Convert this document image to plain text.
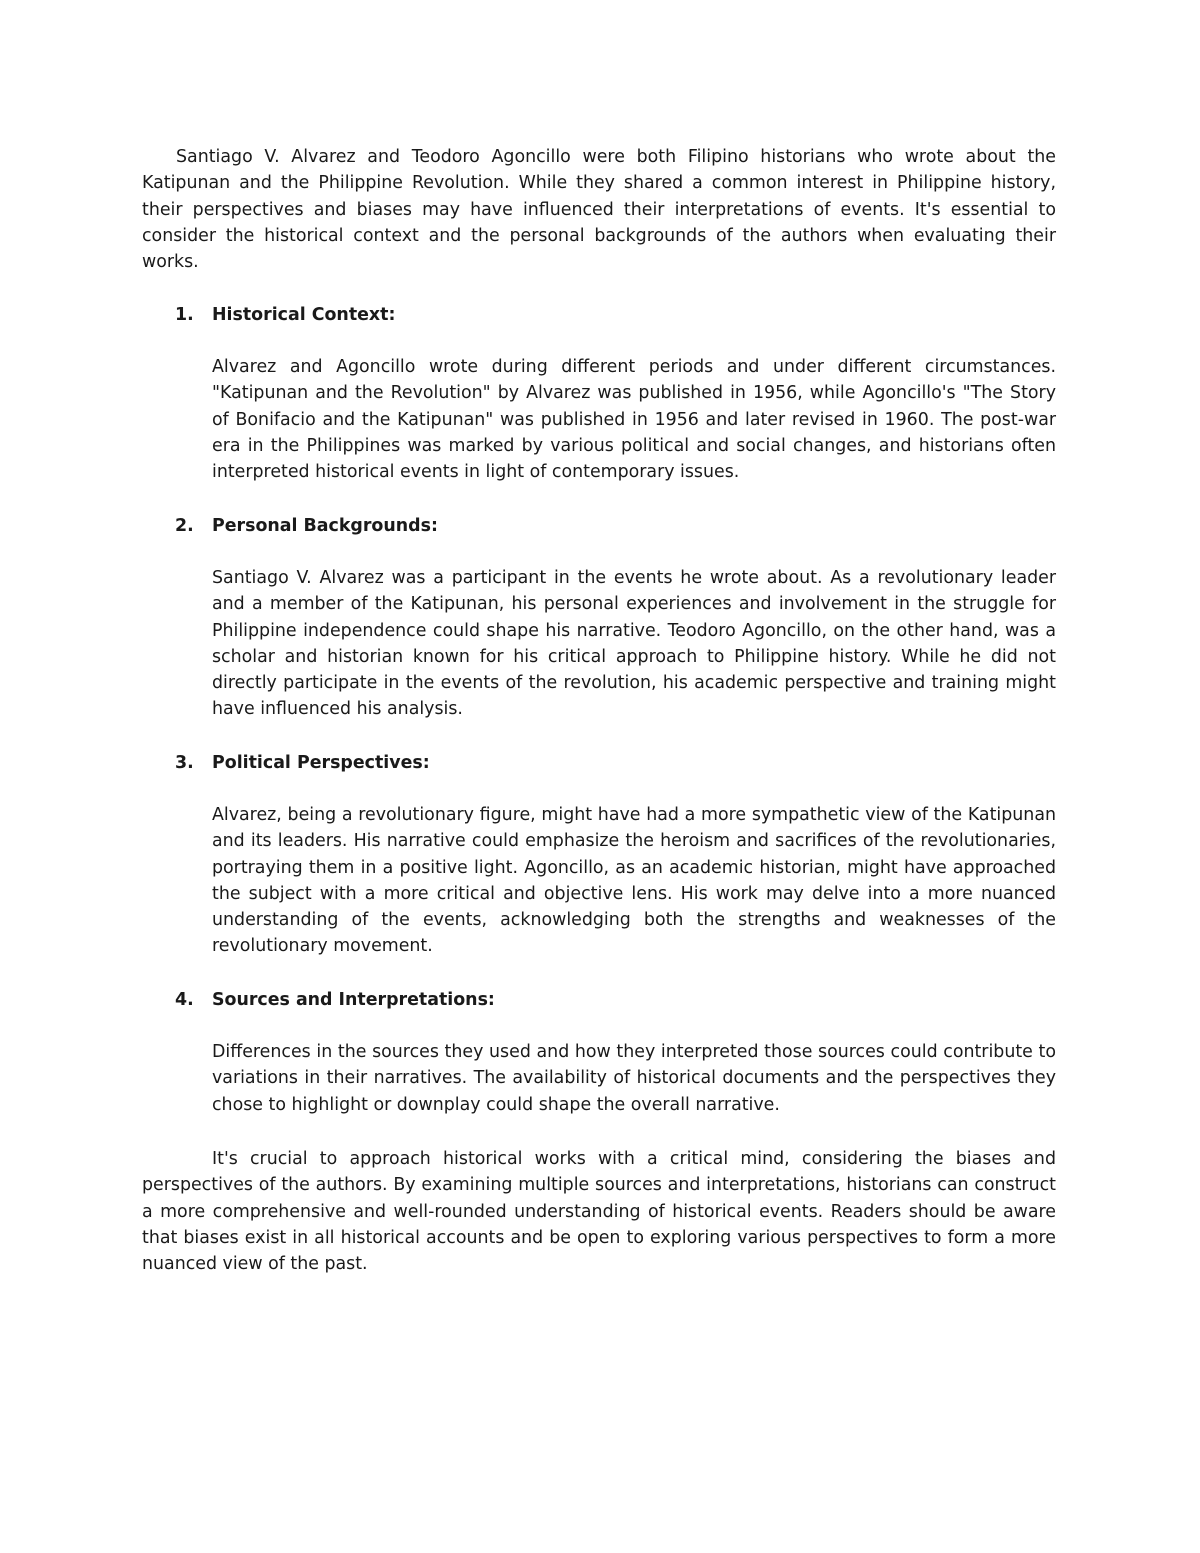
Santiago V. Alvarez and Teodoro Agoncillo were both Filipino historians who wrote about the Katipunan and the Philippine Revolution. While they shared a common interest in Philippine history, their perspectives and biases may have influenced their interpretations of events. It's essential to consider the historical context and the personal backgrounds of the authors when evaluating their works.

1. Historical Context:

Alvarez and Agoncillo wrote during different periods and under different circumstances. "Katipunan and the Revolution" by Alvarez was published in 1956, while Agoncillo's "The Story of Bonifacio and the Katipunan" was published in 1956 and later revised in 1960. The post-war era in the Philippines was marked by various political and social changes, and historians often interpreted historical events in light of contemporary issues.

2. Personal Backgrounds:

Santiago V. Alvarez was a participant in the events he wrote about. As a revolutionary leader and a member of the Katipunan, his personal experiences and involvement in the struggle for Philippine independence could shape his narrative. Teodoro Agoncillo, on the other hand, was a scholar and historian known for his critical approach to Philippine history. While he did not directly participate in the events of the revolution, his academic perspective and training might have influenced his analysis.

3. Political Perspectives:

Alvarez, being a revolutionary figure, might have had a more sympathetic view of the Katipunan and its leaders. His narrative could emphasize the heroism and sacrifices of the revolutionaries, portraying them in a positive light. Agoncillo, as an academic historian, might have approached the subject with a more critical and objective lens. His work may delve into a more nuanced understanding of the events, acknowledging both the strengths and weaknesses of the revolutionary movement.

4. Sources and Interpretations:

Differences in the sources they used and how they interpreted those sources could contribute to variations in their narratives. The availability of historical documents and the perspectives they chose to highlight or downplay could shape the overall narrative.

It's crucial to approach historical works with a critical mind, considering the biases and perspectives of the authors. By examining multiple sources and interpretations, historians can construct a more comprehensive and well-rounded understanding of historical events. Readers should be aware that biases exist in all historical accounts and be open to exploring various perspectives to form a more nuanced view of the past.
